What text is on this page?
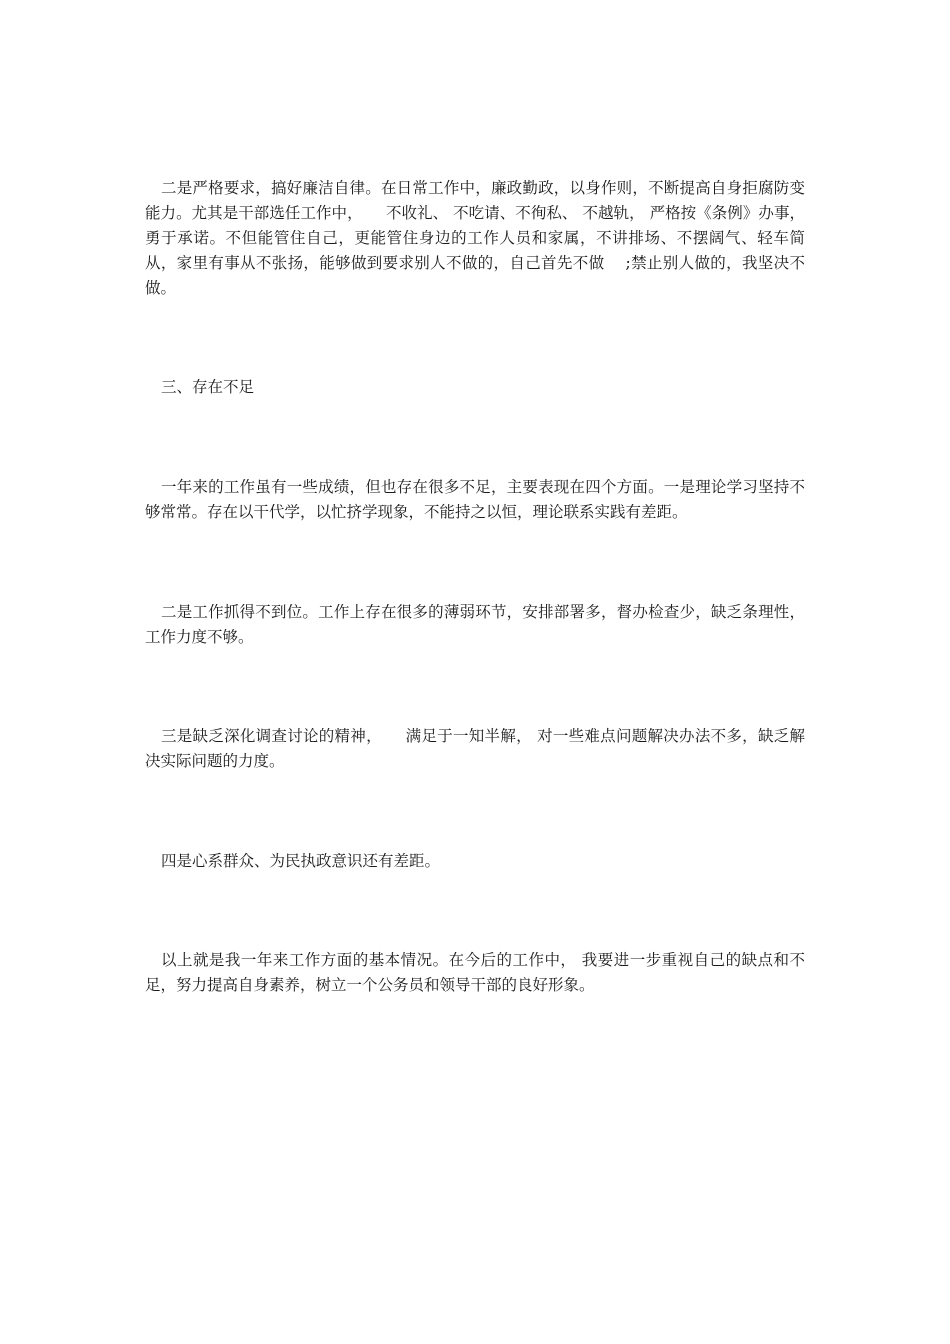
二是严格要求，搞好廉洁自律。在日常工作中，廉政勤政，以身作则，不断提高自身拒腐防变能力。尤其是干部选任工作中，　　不收礼、 不吃请、不徇私、 不越轨， 严格按《条例》办事，勇于承诺。不但能管住自己，更能管住身边的工作人员和家属，不讲排场、不摆阔气、轻车简从，家里有事从不张扬，能够做到要求别人不做的，自己首先不做　 ;禁止别人做的，我坚决不做。

三、存在不足

一年来的工作虽有一些成绩，但也存在很多不足，主要表现在四个方面。一是理论学习坚持不够常常。存在以干代学，以忙挤学现象，不能持之以恒，理论联系实践有差距。

二是工作抓得不到位。工作上存在很多的薄弱环节，安排部署多，督办检查少，缺乏条理性，工作力度不够。

三是缺乏深化调查讨论的精神，　　满足于一知半解， 对一些难点问题解决办法不多，缺乏解决实际问题的力度。

四是心系群众、为民执政意识还有差距。

以上就是我一年来工作方面的基本情况。在今后的工作中， 我要进一步重视自己的缺点和不足，努力提高自身素养，树立一个公务员和领导干部的良好形象。
